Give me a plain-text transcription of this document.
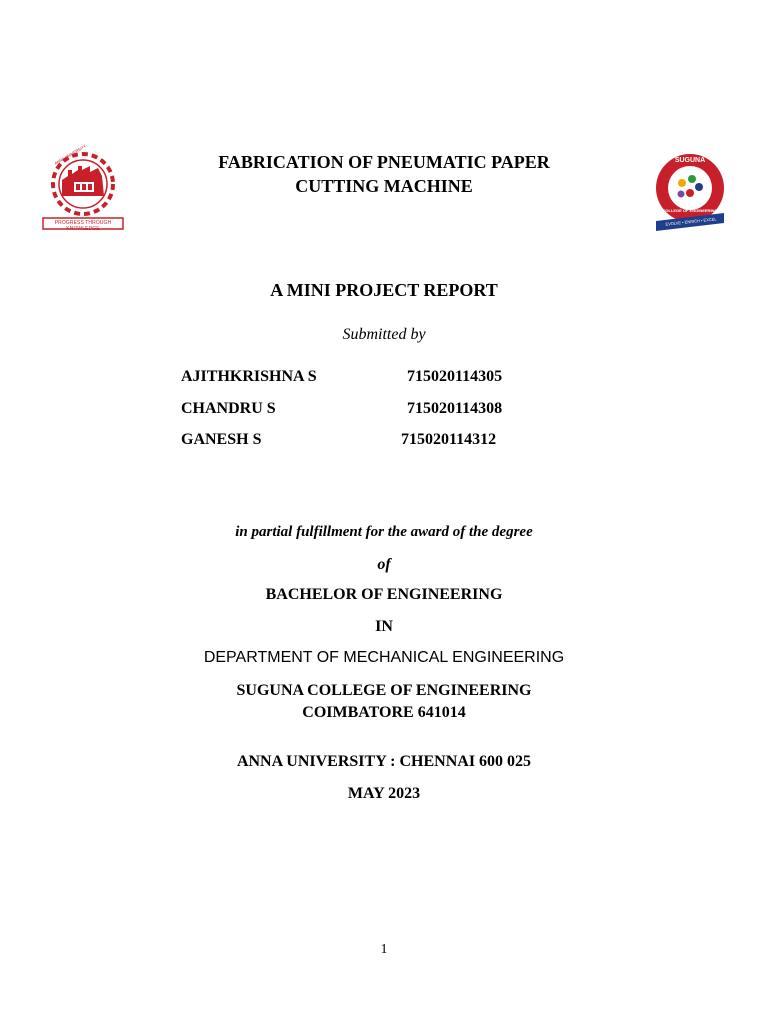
PROGRESS THROUGH KNOWLEDGE
ANNA UNIVERSITY	SUGUNA
COLLEGE OF ENGINEERING
EVOLVE • ENRICH • EXCEL
FABRICATION OF PNEUMATIC PAPER
CUTTING MACHINE
A MINI PROJECT REPORT
Submitted by
AJITHKRISHNA S	715020114305
CHANDRU S	715020114308
GANESH S	715020114312
in partial fulfillment for the award of the degree
of
BACHELOR OF ENGINEERING
IN
DEPARTMENT OF MECHANICAL ENGINEERING
SUGUNA COLLEGE OF ENGINEERING
COIMBATORE 641014
ANNA UNIVERSITY : CHENNAI 600 025
MAY 2023
1
